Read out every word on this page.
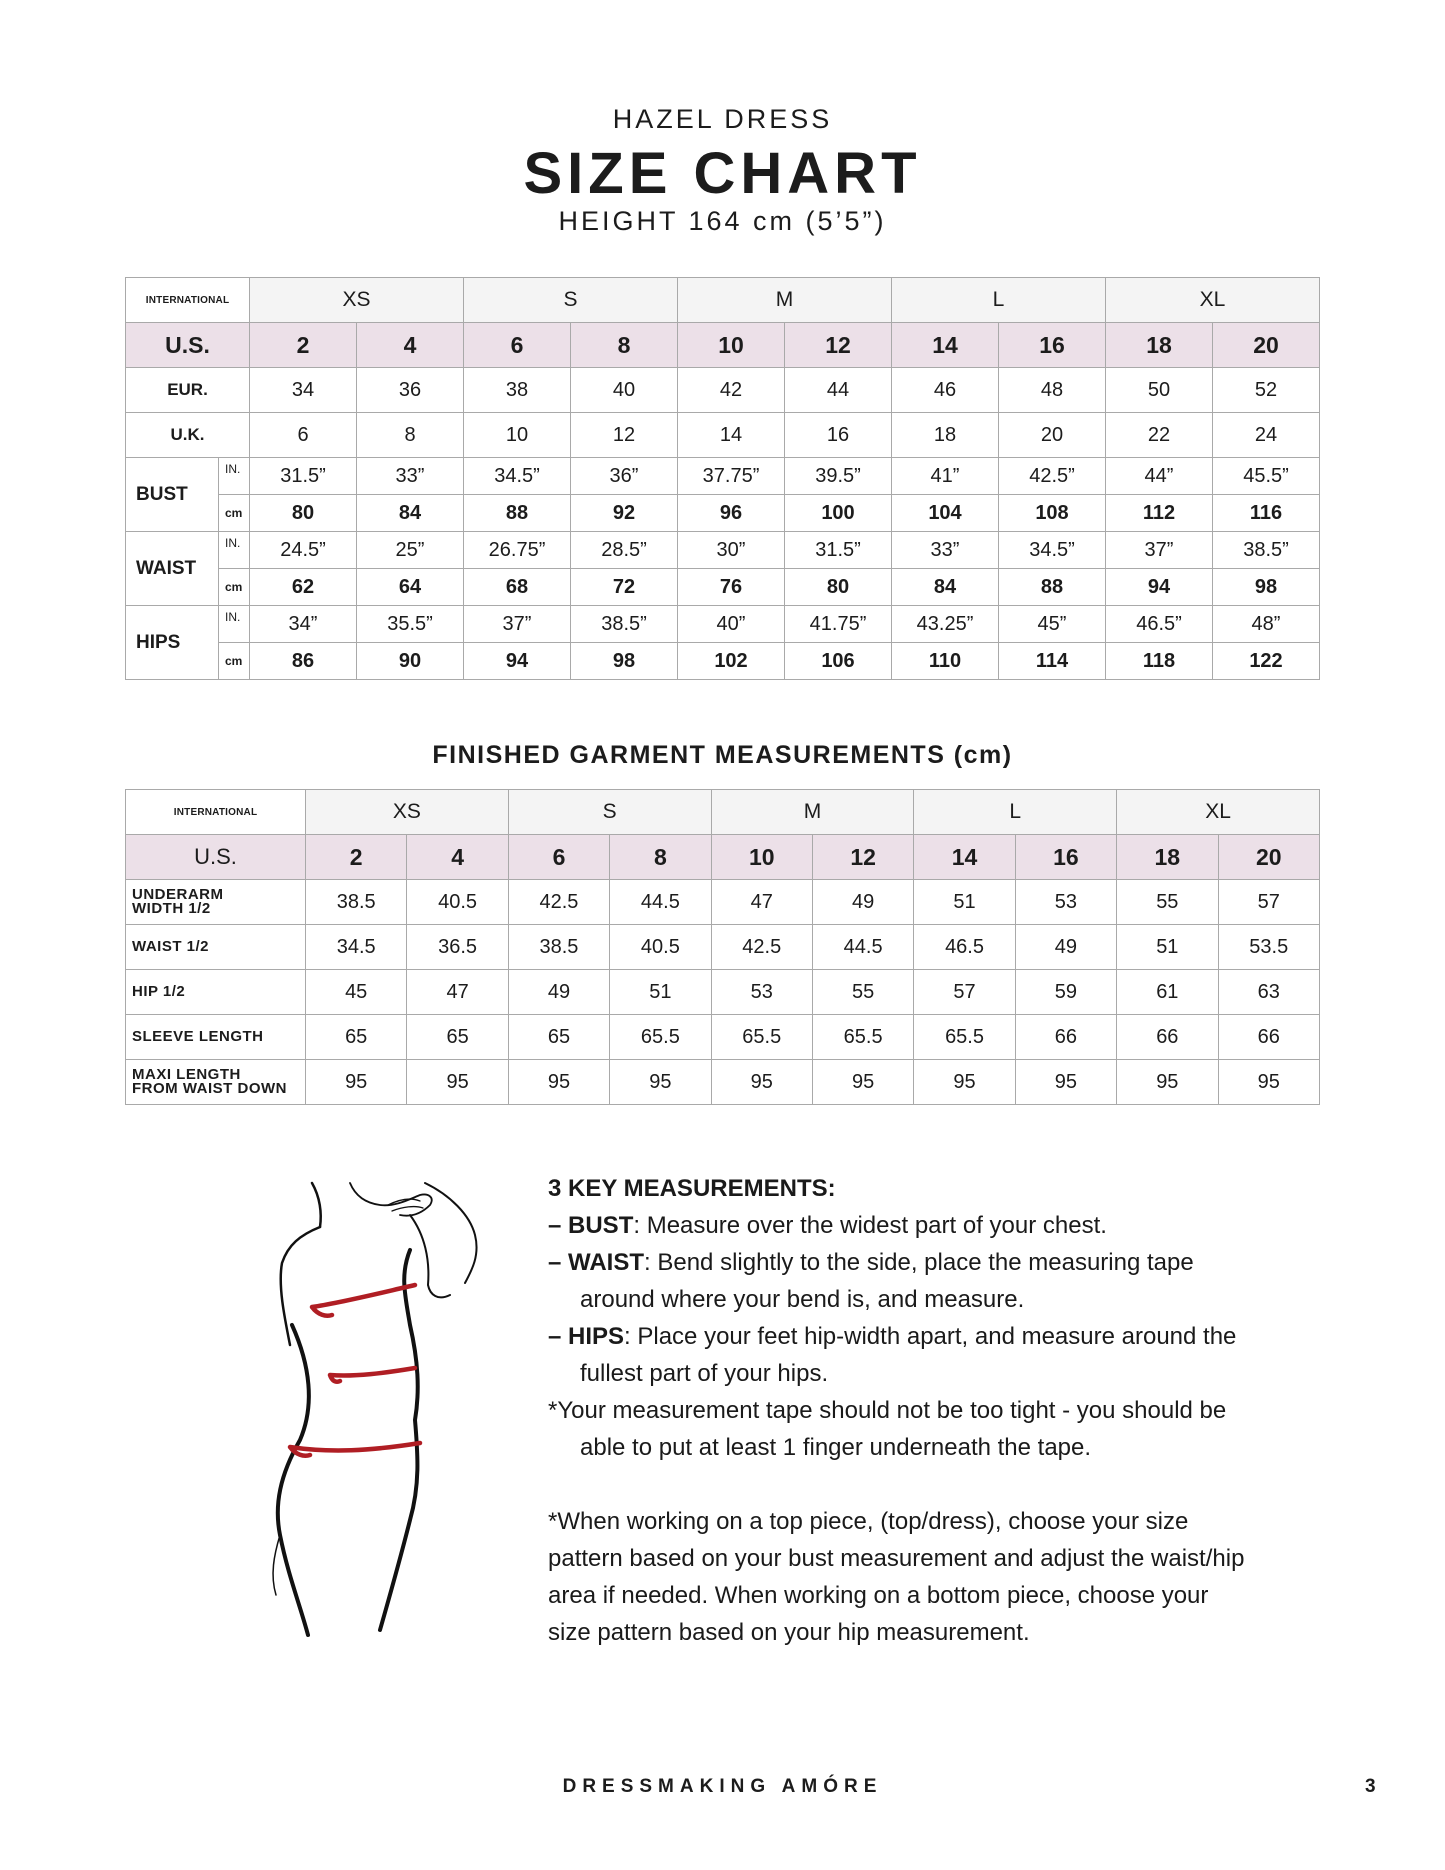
HAZEL DRESS
SIZE CHART
HEIGHT 164 cm (5’5”)
INTERNATIONAL		XS		S		M		L		XL	
U.S.		2	4	6	8	10	12	14	16	18	20
EUR.		34	36	38	40	42	44	46	48	50	52
U.K.		6	8	10	12	14	16	18	20	22	24
BUST	IN.	31.5”	33”	34.5”	36”	37.75”	39.5”	41”	42.5”	44”	45.5”
	cm	80	84	88	92	96	100	104	108	112	116
WAIST	IN.	24.5”	25”	26.75”	28.5”	30”	31.5”	33”	34.5”	37”	38.5”
	cm	62	64	68	72	76	80	84	88	94	98
HIPS	IN.	34”	35.5”	37”	38.5”	40”	41.75”	43.25”	45”	46.5”	48”
	cm	86	90	94	98	102	106	110	114	118	122
FINISHED GARMENT MEASUREMENTS (cm)
INTERNATIONAL	XS		S		M		L		XL	
U.S.	2	4	6	8	10	12	14	16	18	20

UNDERARM
WIDTH 1/2	38.5	40.5	42.5	44.5	47	49	51	53	55	57

WAIST 1/2	34.5	36.5	38.5	40.5	42.5	44.5	46.5	49	51	53.5

HIP 1/2	45	47	49	51	53	55	57	59	61	63

SLEEVE LENGTH	65	65	65	65.5	65.5	65.5	65.5	66	66	66

MAXI LENGTH
FROM WAIST DOWN	95	95	95	95	95	95	95	95	95	95
3 KEY MEASUREMENTS:
– BUST: Measure over the widest part of your chest.
– WAIST: Bend slightly to the side, place the measuring tape around where your bend is, and measure.
– HIPS: Place your feet hip-width apart, and measure around the fullest part of your hips.
*Your measurement tape should not be too tight - you should be able to put at least 1 finger underneath the tape.
*When working on a top piece, (top/dress), choose your size pattern based on your bust measurement and adjust the waist/hip area if needed. When working on a bottom piece, choose your size pattern based on your hip measurement.
DRESSMAKING AMÓRE	3
